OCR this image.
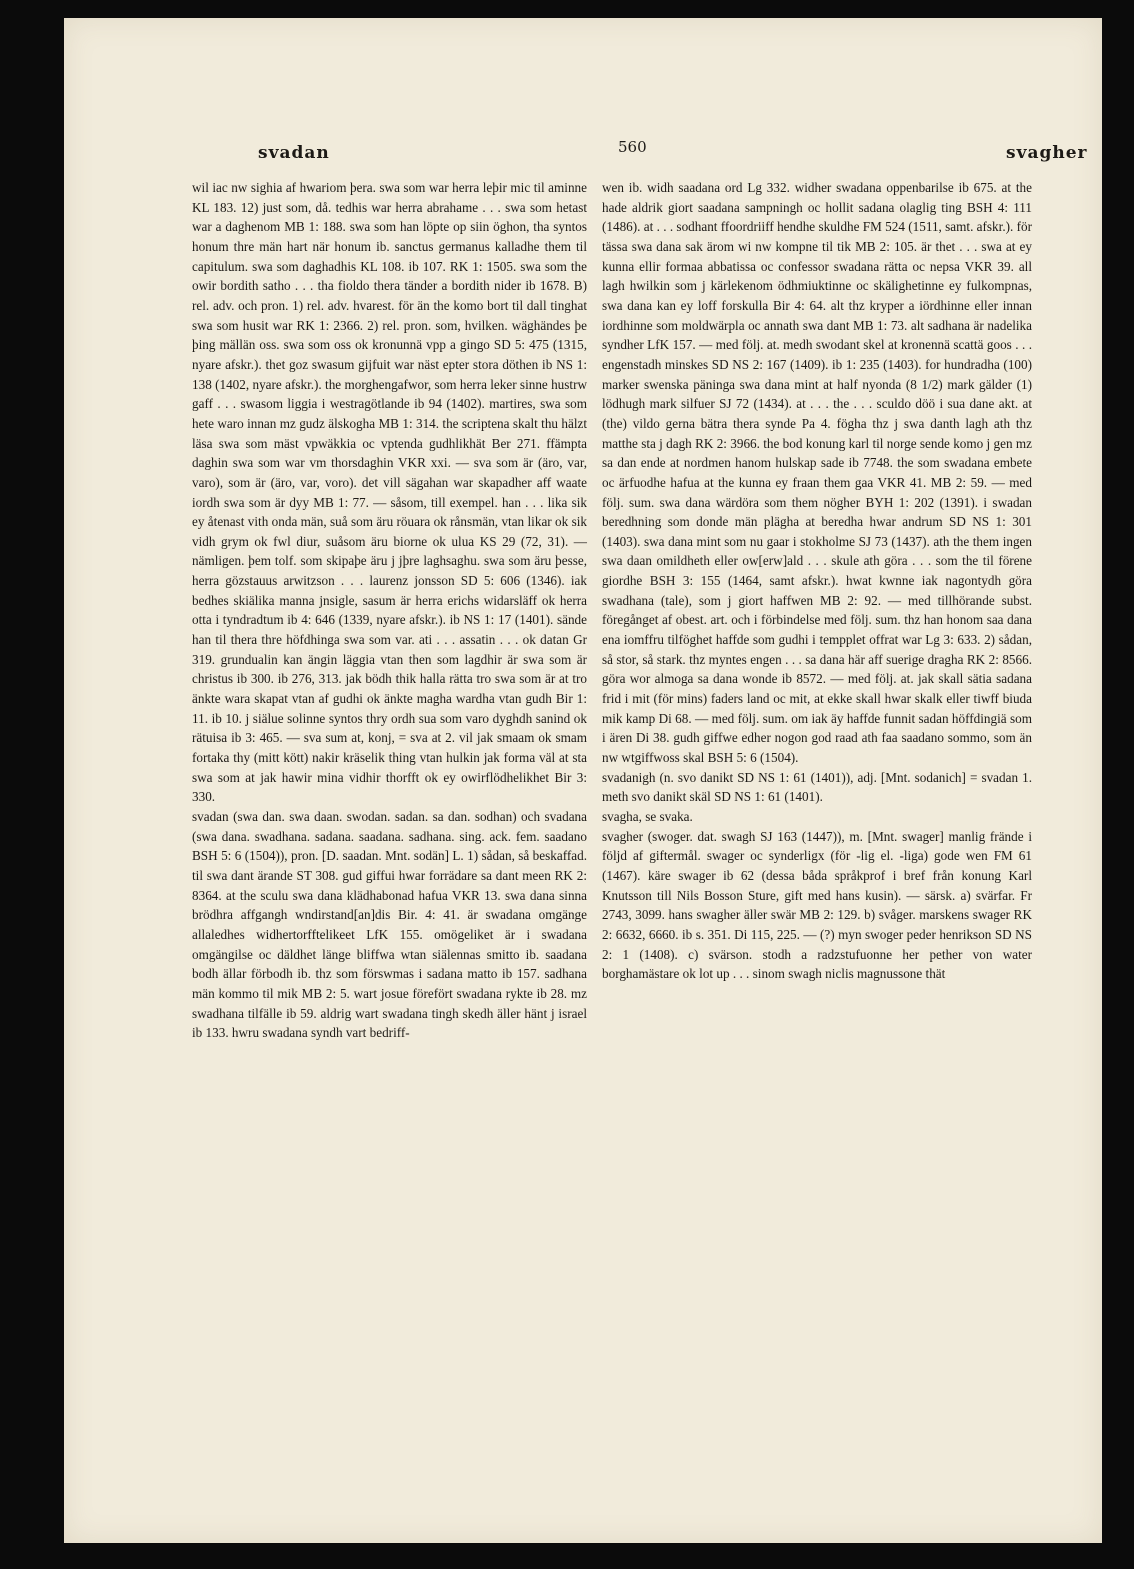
svadan	560	svagher

wil iac nw sighia af hwariom þera. swa som war herra leþir mic til aminne KL 183. 12) just som, då. tedhis war herra abrahame . . . swa som hetast war a daghenom MB 1: 188. swa som han löpte op siin öghon, tha syntos honum thre män hart när honum ib. sanctus germanus kalladhe them til capitulum. swa som daghadhis KL 108. ib 107. RK 1: 1505. swa som the owir bordith satho . . . tha fioldo thera tänder a bordith nider ib 1678. B) rel. adv. och pron. 1) rel. adv. hvarest. för än the komo bort til dall tinghat swa som husit war RK 1: 2366. 2) rel. pron. som, hvilken. wäghändes þe þing mällän oss. swa som oss ok kronunnä vpp a gingo SD 5: 475 (1315, nyare afskr.). thet goz swasum gijfuit war näst epter stora döthen ib NS 1: 138 (1402, nyare afskr.). the morghengafwor, som herra leker sinne hustrw gaff . . . swasom liggia i westragötlande ib 94 (1402). martires, swa som hete waro innan mz gudz älskogha MB 1: 314. the scriptena skalt thu hälzt läsa swa som mäst vpwäkkia oc vptenda gudhlikhät Ber 271. ffämpta daghin swa som war vm thorsdaghin VKR xxi. — sva som är (äro, var, varo), som är (äro, var, voro). det vill sägahan war skapadher aff waate iordh swa som är dyy MB 1: 77. — såsom, till exempel. han . . . lika sik ey åtenast vith onda män, suå som äru röuara ok rånsmän, vtan likar ok sik vidh grym ok fwl diur, suåsom äru biorne ok ulua KS 29 (72, 31). — nämligen. þem tolf. som skipaþe äru j jþre laghsaghu. swa som äru þesse, herra gözstauus arwitzson . . . laurenz jonsson SD 5: 606 (1346). iak bedhes skiälika manna jnsigle, sasum är herra erichs widarsläff ok herra otta i tyndradtum ib 4: 646 (1339, nyare afskr.). ib NS 1: 17 (1401). sände han til thera thre höfdhinga swa som var. ati . . . assatin . . . ok datan Gr 319. grundualin kan ängin läggia vtan then som lagdhir är swa som är christus ib 300. ib 276, 313. jak bödh thik halla rätta tro swa som är at tro änkte wara skapat vtan af gudhi ok änkte magha wardha vtan gudh Bir 1: 11. ib 10. j siälue solinne syntos thry ordh sua som varo dyghdh sanind ok rätuisa ib 3: 465. — sva sum at, konj, = sva at 2. vil jak smaam ok smam fortaka thy (mitt kött) nakir kräselik thing vtan hulkin jak forma väl at sta swa som at jak hawir mina vidhir thorfft ok ey owirflödhelikhet Bir 3: 330.

svadan (swa dan. swa daan. swodan. sadan. sa dan. sodhan) och svadana (swa dana. swadhana. sadana. saadana. sadhana. sing. ack. fem. saadano BSH 5: 6 (1504)), pron. [D. saadan. Mnt. sodän] L. 1) sådan, så beskaffad. til swa dant ärande ST 308. gud giffui hwar forrädare sa dant meen RK 2: 8364. at the sculu swa dana klädhabonad hafua VKR 13. swa dana sinna brödhra affgangh wndirstand[an]dis Bir. 4: 41. är swadana omgänge allaledhes widhertorfftelikeet LfK 155. omögeliket är i swadana omgängilse oc däldhet länge bliffwa wtan siälennas smitto ib. saadana bodh ällar förbodh ib. thz som förswmas i sadana matto ib 157. sadhana män kommo til mik MB 2: 5. wart josue förefört swadana rykte ib 28. mz swadhana tilfälle ib 59. aldrig wart swadana tingh skedh äller hänt j israel ib 133. hwru swadana syndh vart bedriff-

wen ib. widh saadana ord Lg 332. widher swadana oppenbarilse ib 675. at the hade aldrik giort saadana sampningh oc hollit sadana olaglig ting BSH 4: 111 (1486). at . . . sodhant ffoordriiff hendhe skuldhe FM 524 (1511, samt. afskr.). för tässa swa dana sak ärom wi nw kompne til tik MB 2: 105. är thet . . . swa at ey kunna ellir formaa abbatissa oc confessor swadana rätta oc nepsa VKR 39. all lagh hwilkin som j kärlekenom ödhmiuktinne oc skälighetinne ey fulkompnas, swa dana kan ey loff forskulla Bir 4: 64. alt thz kryper a iördhinne eller innan iordhinne som moldwärpla oc annath swa dant MB 1: 73. alt sadhana är nadelika syndher LfK 157. — med följ. at. medh swodant skel at kronennä scattä goos . . . engenstadh minskes SD NS 2: 167 (1409). ib 1: 235 (1403). for hundradha (100) marker swenska päninga swa dana mint at half nyonda (8 1/2) mark gälder (1) lödhugh mark silfuer SJ 72 (1434). at . . . the . . . sculdo döö i sua dane akt. at (the) vildo gerna bätra thera synde Pa 4. fögha thz j swa danth lagh ath thz matthe sta j dagh RK 2: 3966. the bod konung karl til norge sende komo j gen mz sa dan ende at nordmen hanom hulskap sade ib 7748. the som swadana embete oc ärfuodhe hafua at the kunna ey fraan them gaa VKR 41. MB 2: 59. — med följ. sum. swa dana wärdöra som them nögher BYH 1: 202 (1391). i swadan beredhning som donde män plägha at beredha hwar andrum SD NS 1: 301 (1403). swa dana mint som nu gaar i stokholme SJ 73 (1437). ath the them ingen swa daan omildheth eller ow[erw]ald . . . skule ath göra . . . som the til förene giordhe BSH 3: 155 (1464, samt afskr.). hwat kwnne iak nagontydh göra swadhana (tale), som j giort haffwen MB 2: 92. — med tillhörande subst. föregånget af obest. art. och i förbindelse med följ. sum. thz han honom saa dana ena iomffru tilföghet haffde som gudhi i tempplet offrat war Lg 3: 633. 2) sådan, så stor, så stark. thz myntes engen . . . sa dana här aff suerige dragha RK 2: 8566. göra wor almoga sa dana wonde ib 8572. — med följ. at. jak skall sätia sadana frid i mit (för mins) faders land oc mit, at ekke skall hwar skalk eller tiwff biuda mik kamp Di 68. — med följ. sum. om iak äy haffde funnit sadan höffdingiä som i ären Di 38. gudh giffwe edher nogon god raad ath faa saadano sommo, som än nw wtgiffwoss skal BSH 5: 6 (1504).

svadanigh (n. svo danikt SD NS 1: 61 (1401)), adj. [Mnt. sodanich] = svadan 1. meth svo danikt skäl SD NS 1: 61 (1401).

svagha, se svaka.

svagher (swoger. dat. swagh SJ 163 (1447)), m. [Mnt. swager] manlig frände i följd af giftermål. swager oc synderligx (för -lig el. -liga) gode wen FM 61 (1467). käre swager ib 62 (dessa båda språkprof i bref från konung Karl Knutsson till Nils Bosson Sture, gift med hans kusin). — särsk. a) svärfar. Fr 2743, 3099. hans swagher äller swär MB 2: 129. b) svåger. marskens swager RK 2: 6632, 6660. ib s. 351. Di 115, 225. — (?) myn swoger peder henrikson SD NS 2: 1 (1408). c) svärson. stodh a radzstufuonne her pether von water borghamästare ok lot up . . . sinom swagh niclis magnussone thät
